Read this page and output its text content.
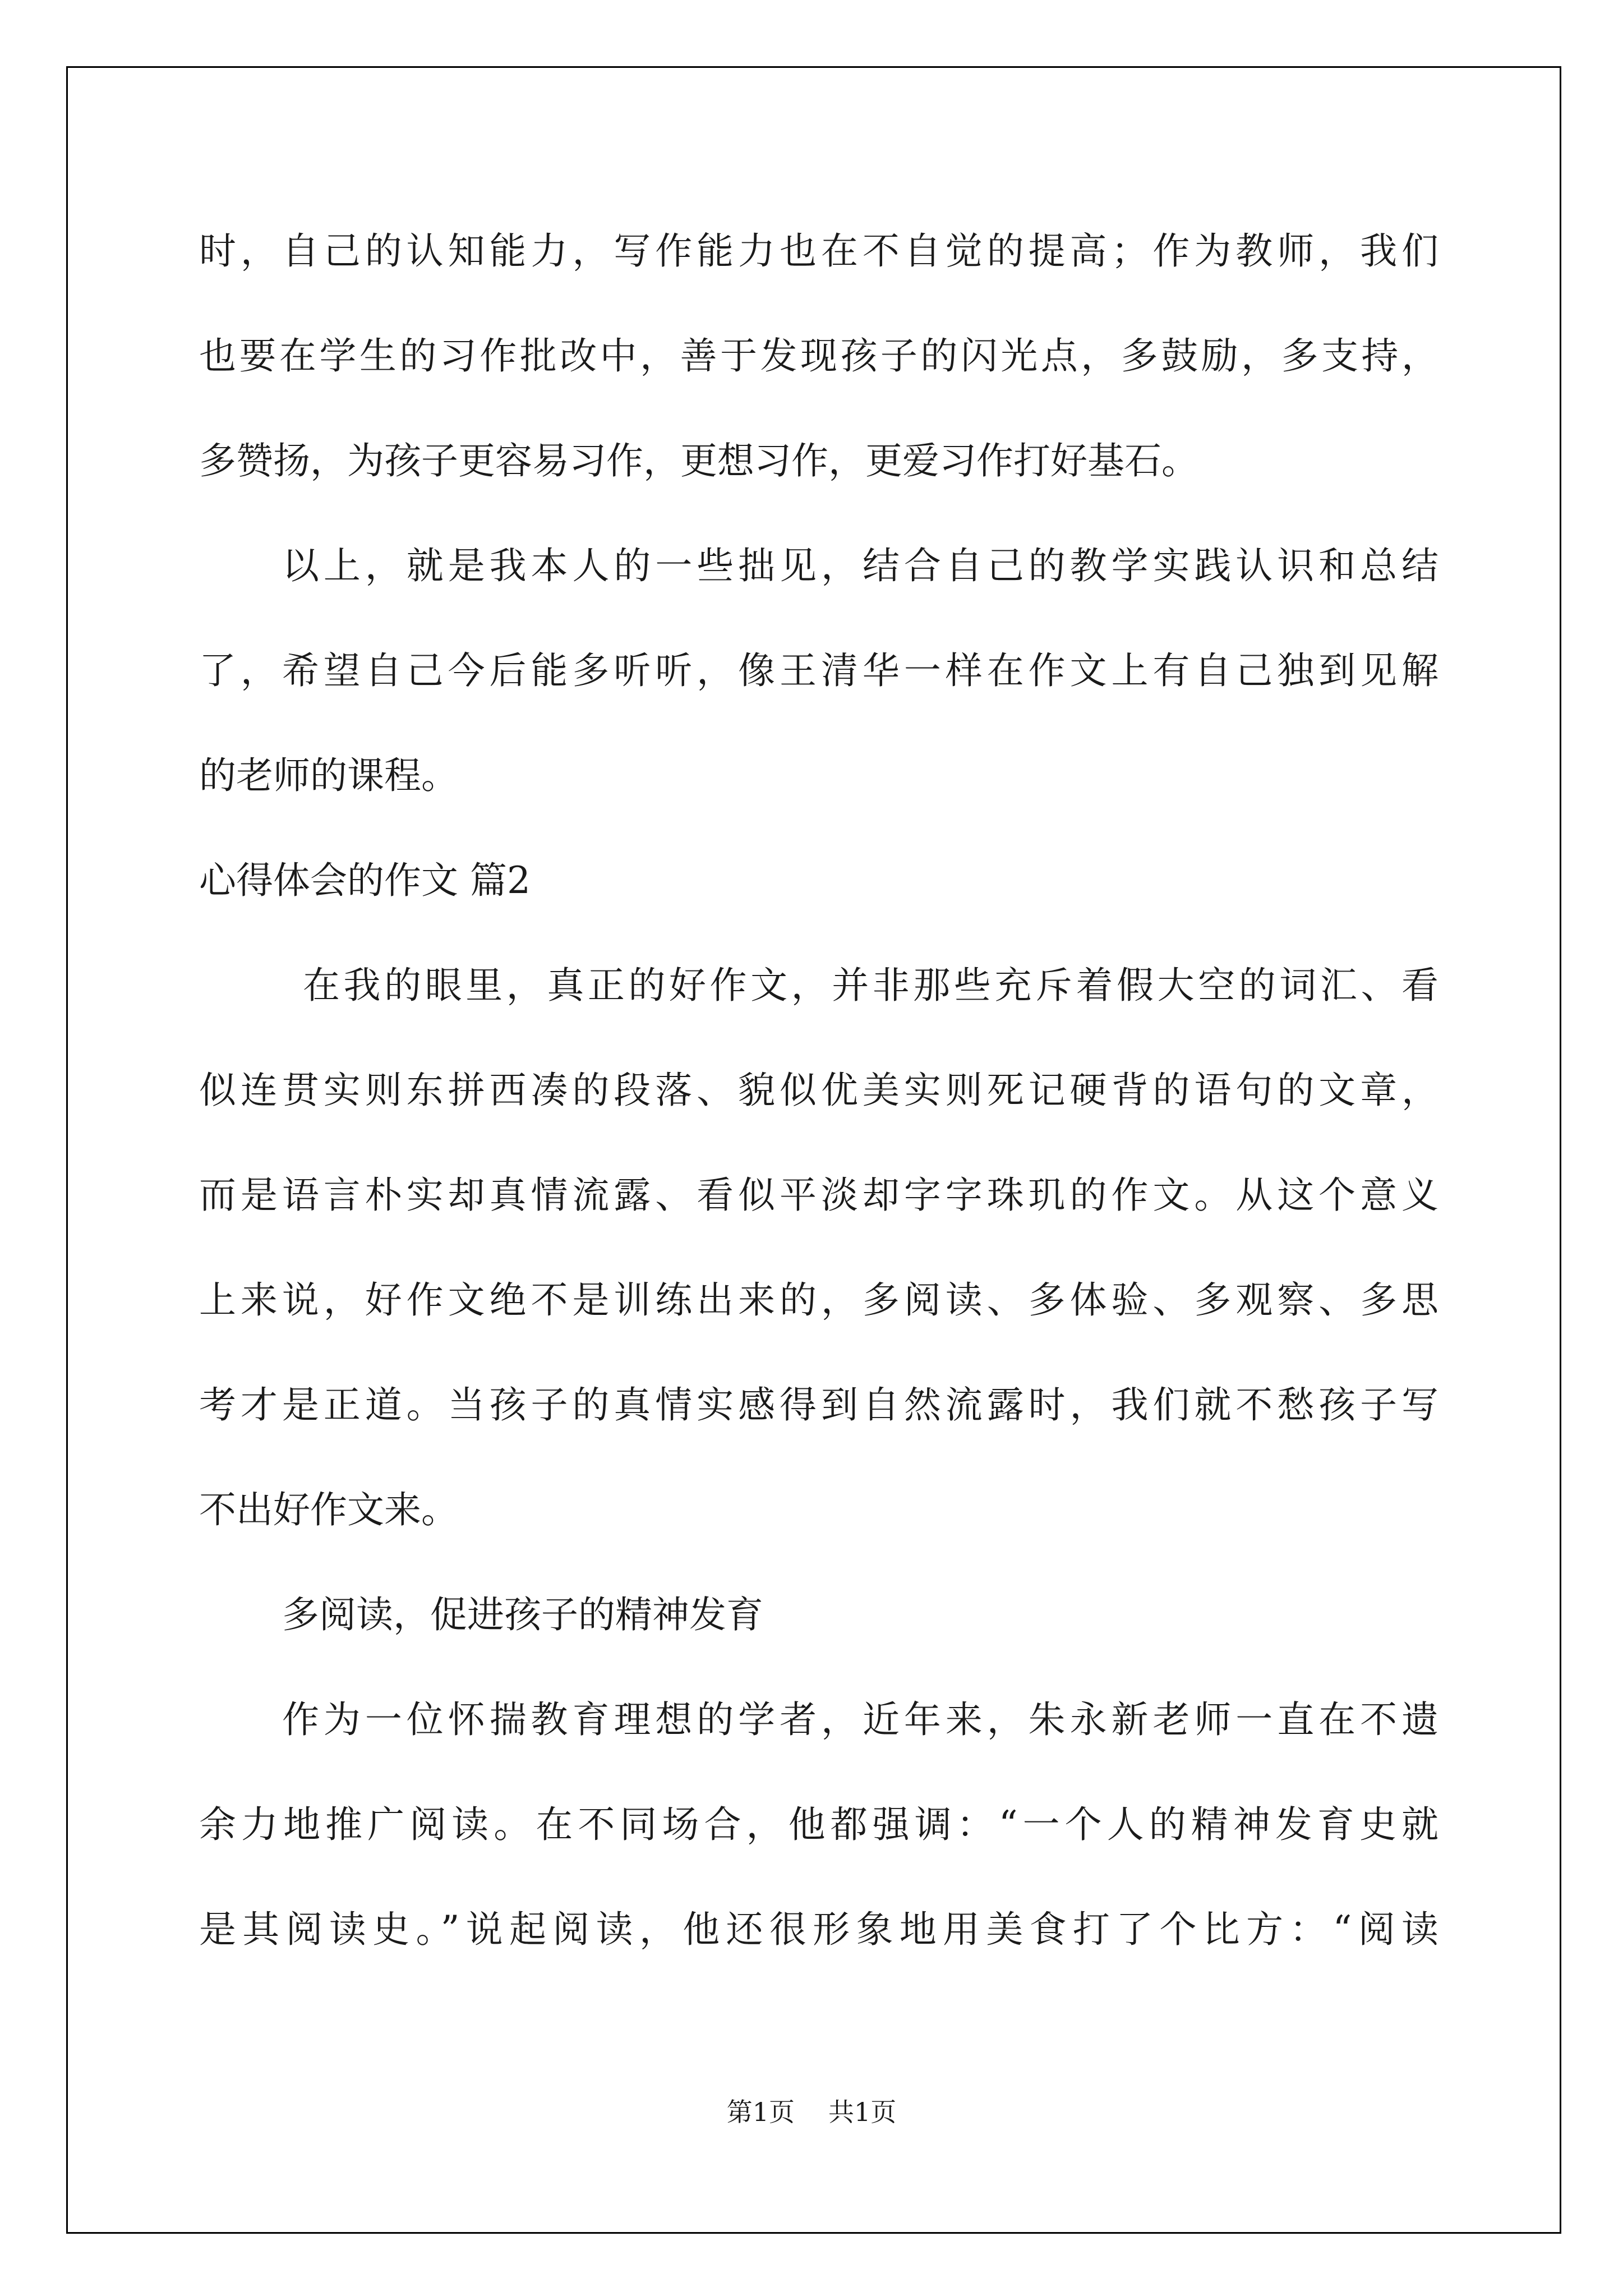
时，自己的认知能力，写作能力也在不自觉的提高；作为教师，我们
也要在学生的习作批改中，善于发现孩子的闪光点，多鼓励，多支持，
多赞扬，为孩子更容易习作，更想习作，更爱习作打好基石。
以上，就是我本人的一些拙见，结合自己的教学实践认识和总结
了，希望自己今后能多听听，像王清华一样在作文上有自己独到见解
的老师的课程。
心得体会的作文 篇2
在我的眼里，真正的好作文，并非那些充斥着假大空的词汇、看
似连贯实则东拼西凑的段落、貌似优美实则死记硬背的语句的文章，
而是语言朴实却真情流露、看似平淡却字字珠玑的作文。从这个意义
上来说，好作文绝不是训练出来的，多阅读、多体验、多观察、多思
考才是正道。当孩子的真情实感得到自然流露时，我们就不愁孩子写
不出好作文来。
多阅读，促进孩子的精神发育
作为一位怀揣教育理想的学者，近年来，朱永新老师一直在不遗
余力地推广阅读。在不同场合，他都强调：“一个人的精神发育史就
是其阅读史。”说起阅读，他还很形象地用美食打了个比方：“阅读
第1页 共1页
